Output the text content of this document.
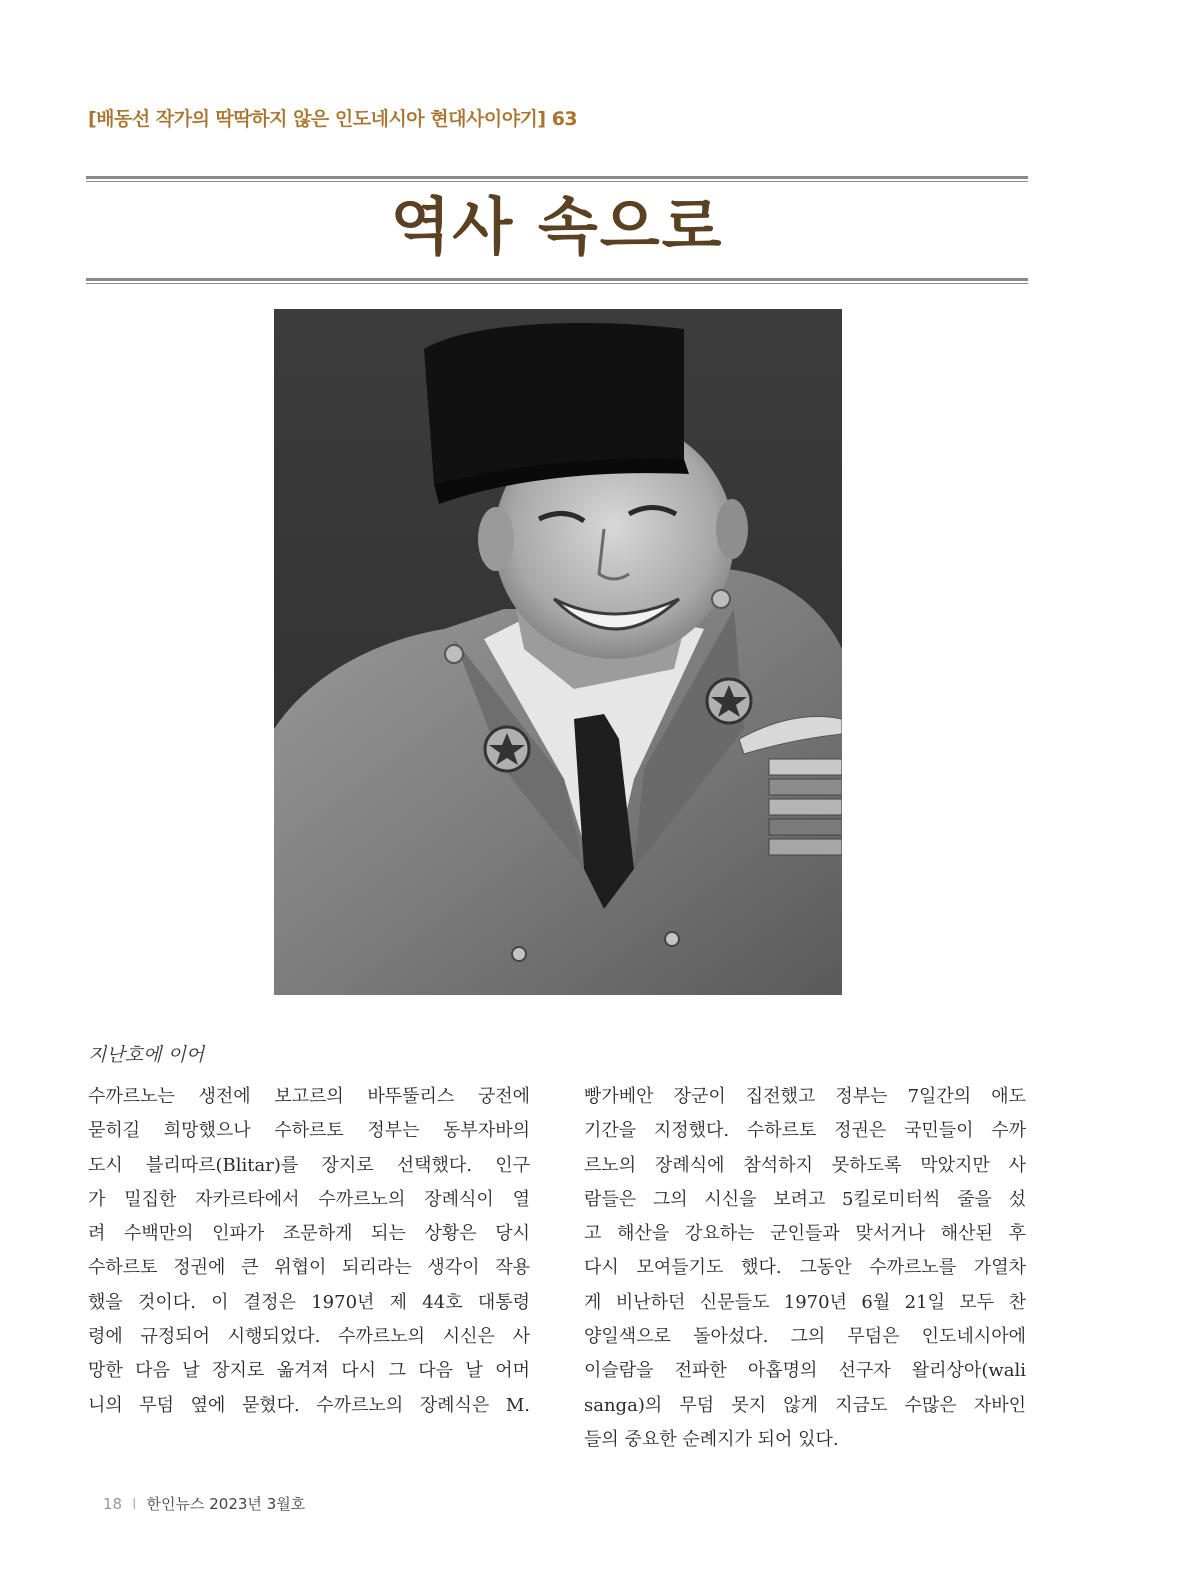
[배동선 작가의 딱딱하지 않은 인도네시아 현대사이야기] 63
역사 속으로
지난호에 이어
수까르노는 생전에 보고르의 바뚜뚤리스 궁전에
묻히길 희망했으나 수하르토 정부는 동부자바의
도시 블리따르(Blitar)를 장지로 선택했다. 인구
가 밀집한 자카르타에서 수까르노의 장례식이 열
려 수백만의 인파가 조문하게 되는 상황은 당시
수하르토 정권에 큰 위협이 되리라는 생각이 작용
했을 것이다. 이 결정은 1970년 제 44호 대통령
령에 규정되어 시행되었다. 수까르노의 시신은 사
망한 다음 날 장지로 옮겨져 다시 그 다음 날 어머
니의 무덤 옆에 묻혔다. 수까르노의 장례식은 M.
빵가베안 장군이 집전했고 정부는 7일간의 애도
기간을 지정했다. 수하르토 정권은 국민들이 수까
르노의 장례식에 참석하지 못하도록 막았지만 사
람들은 그의 시신을 보려고 5킬로미터씩 줄을 섰
고 해산을 강요하는 군인들과 맞서거나 해산된 후
다시 모여들기도 했다. 그동안 수까르노를 가열차
게 비난하던 신문들도 1970년 6월 21일 모두 찬
양일색으로 돌아섰다. 그의 무덤은 인도네시아에
이슬람을 전파한 아홉명의 선구자 왈리상아(wali
sanga)의 무덤 못지 않게 지금도 수많은 자바인
들의 중요한 순례지가 되어 있다.
18 I 한인뉴스 2023년 3월호
